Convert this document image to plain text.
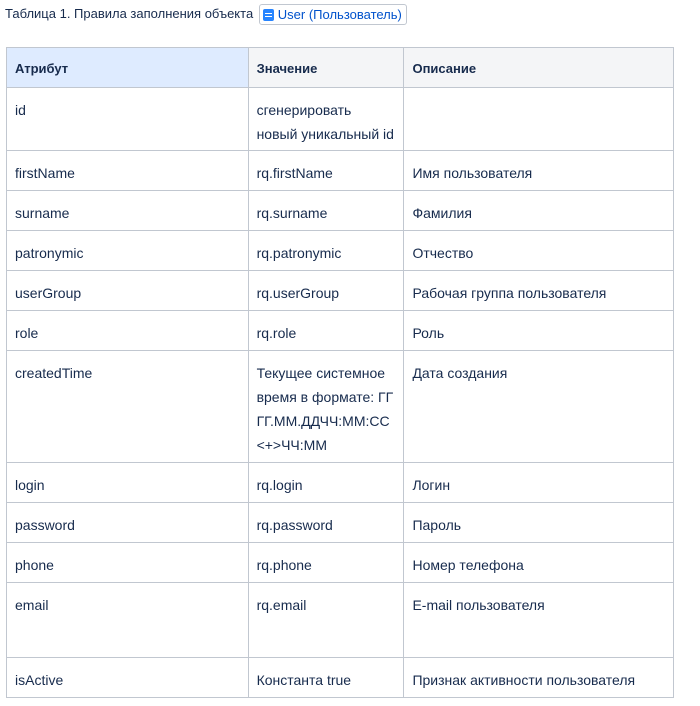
Таблица 1. Правила заполнения объекта User (Пользователь)
Атрибут	Значение	Описание
id	сгенерировать новый уникальный id	
firstName	rq.firstName	Имя пользователя
surname	rq.surname	Фамилия
patronymic	rq.patronymic	Отчество
userGroup	rq.userGroup	Рабочая группа пользователя
role	rq.role	Роль
createdTime	Текущее системное время в формате: ГГГГ.ММ.ДДЧЧ:ММ:СС<+>ЧЧ:ММ	Дата создания
login	rq.login	Логин
password	rq.password	Пароль
phone	rq.phone	Номер телефона
email	rq.email	E-mail пользователя
isActive	Константа true	Признак активности пользователя
